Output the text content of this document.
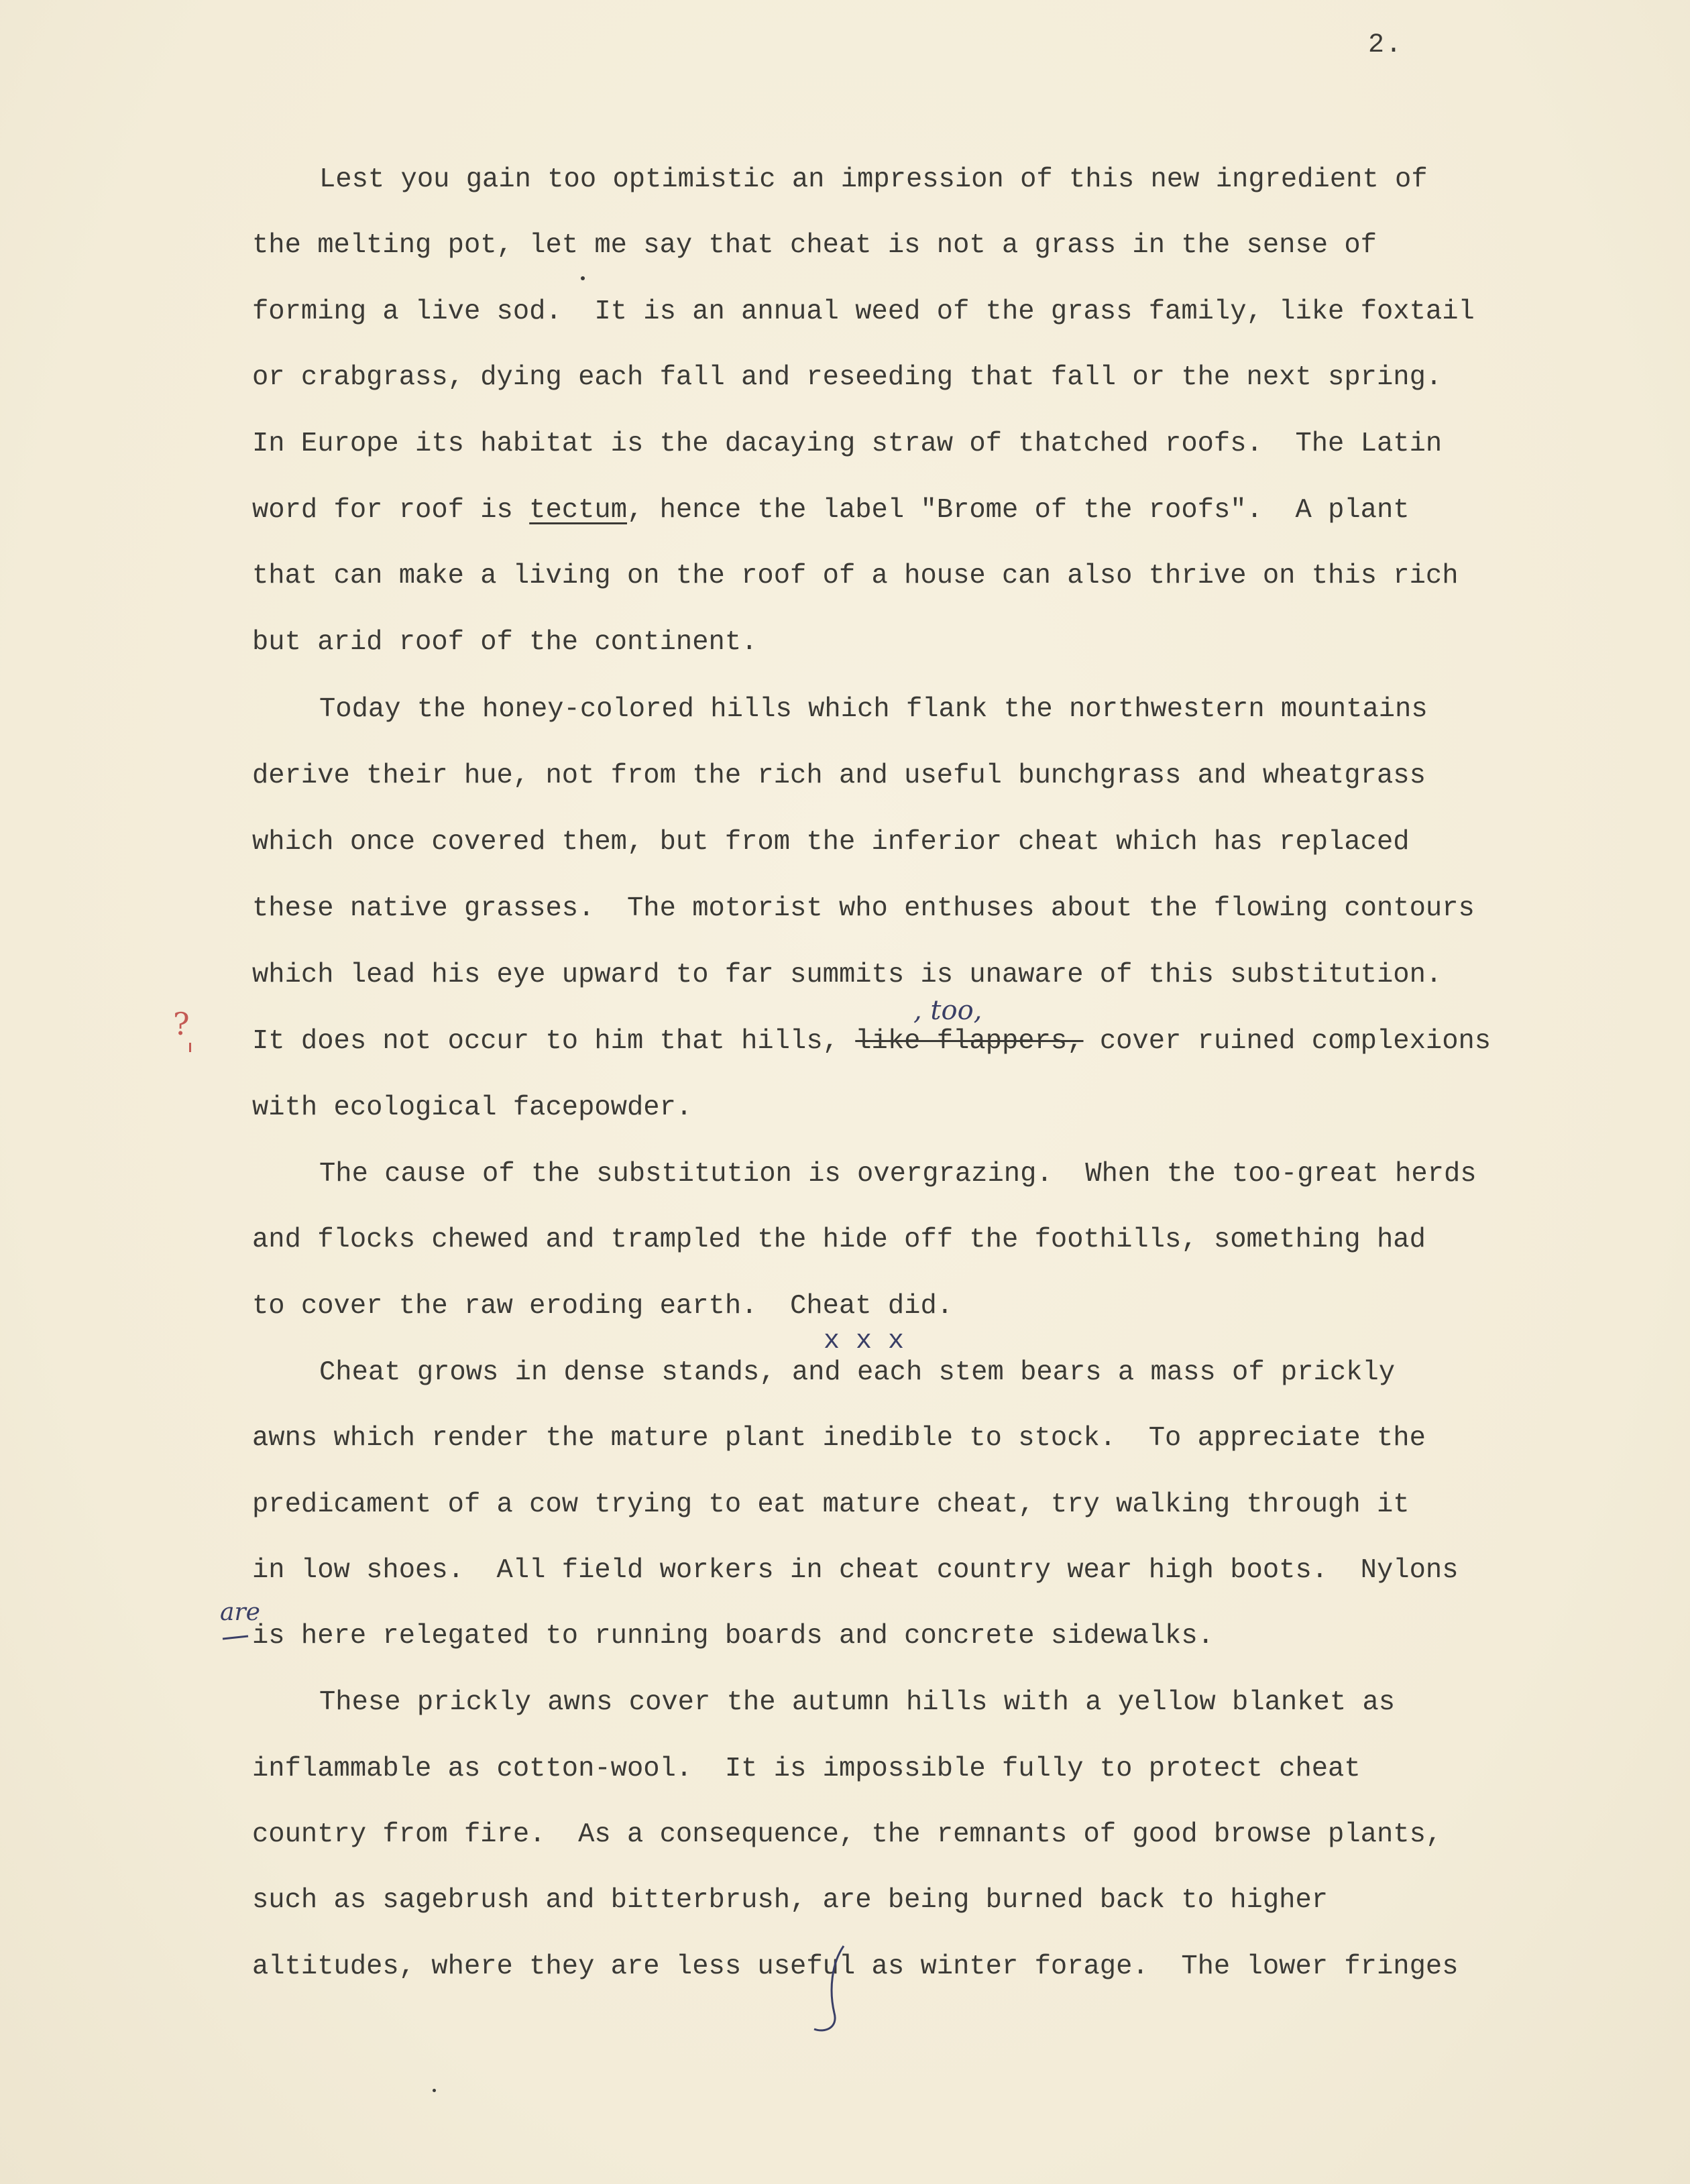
2.
Lest you gain too optimistic an impression of this new ingredient of
the melting pot, let me say that cheat is not a grass in the sense of
forming a live sod.  It is an annual weed of the grass family, like foxtail
or crabgrass, dying each fall and reseeding that fall or the next spring.
In Europe its habitat is the dacaying straw of thatched roofs.  The Latin
word for roof is tectum, hence the label "Brome of the roofs".  A plant
that can make a living on the roof of a house can also thrive on this rich
but arid roof of the continent.
Today the honey-colored hills which flank the northwestern mountains
derive their hue, not from the rich and useful bunchgrass and wheatgrass
which once covered them, but from the inferior cheat which has replaced
these native grasses.  The motorist who enthuses about the flowing contours
which lead his eye upward to far summits is unaware of this substitution.
?	, too,
It does not occur to him that hills, like flappers, cover ruined complexions
with ecological facepowder.
The cause of the substitution is overgrazing.  When the too-great herds
and flocks chewed and trampled the hide off the foothills, something had
to cover the raw eroding earth.  Cheat did.
x x x
Cheat grows in dense stands, and each stem bears a mass of prickly
awns which render the mature plant inedible to stock.  To appreciate the
predicament of a cow trying to eat mature cheat, try walking through it
in low shoes.  All field workers in cheat country wear high boots.  Nylons
are
is here relegated to running boards and concrete sidewalks.
These prickly awns cover the autumn hills with a yellow blanket as
inflammable as cotton-wool.  It is impossible fully to protect cheat
country from fire.  As a consequence, the remnants of good browse plants,
such as sagebrush and bitterbrush, are being burned back to higher
altitudes, where they are less useful as winter forage.  The lower fringes
